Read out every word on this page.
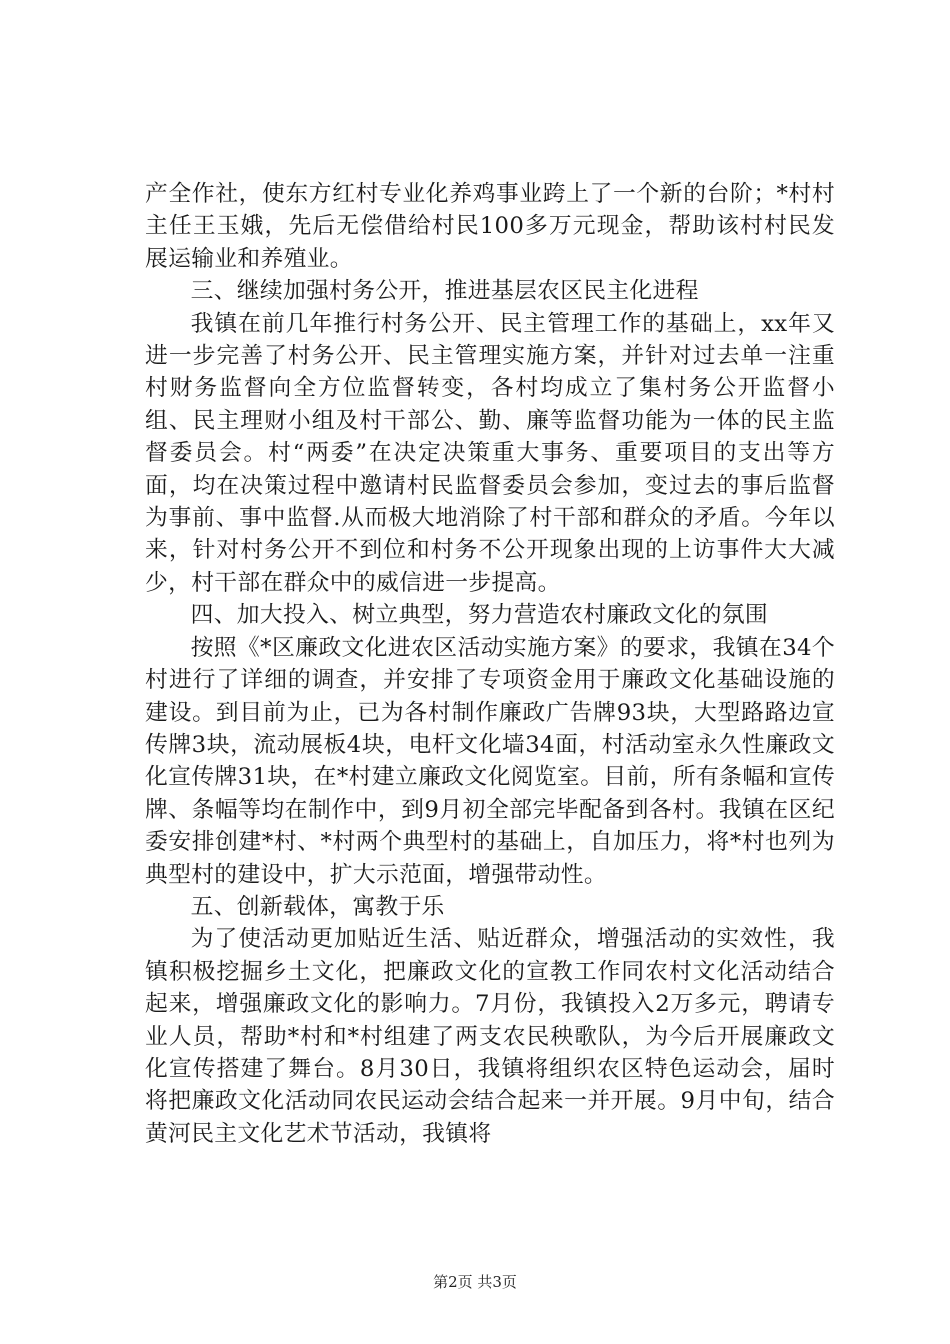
产全作社，使东方红村专业化养鸡事业跨上了一个新的台阶；*村村主任王玉娥，先后无偿借给村民100多万元现金，帮助该村村民发展运输业和养殖业。

三、继续加强村务公开，推进基层农区民主化进程

我镇在前几年推行村务公开、民主管理工作的基础上，xx年又进一步完善了村务公开、民主管理实施方案，并针对过去单一注重村财务监督向全方位监督转变，各村均成立了集村务公开监督小组、民主理财小组及村干部公、勤、廉等监督功能为一体的民主监督委员会。村“两委”在决定决策重大事务、重要项目的支出等方面，均在决策过程中邀请村民监督委员会参加，变过去的事后监督为事前、事中监督.从而极大地消除了村干部和群众的矛盾。今年以来，针对村务公开不到位和村务不公开现象出现的上访事件大大减少，村干部在群众中的威信进一步提高。

四、加大投入、树立典型，努力营造农村廉政文化的氛围

按照《*区廉政文化进农区活动实施方案》的要求，我镇在34个村进行了详细的调查，并安排了专项资金用于廉政文化基础设施的建设。到目前为止，已为各村制作廉政广告牌93块，大型路路边宣传牌3块，流动展板4块，电杆文化墙34面，村活动室永久性廉政文化宣传牌31块，在*村建立廉政文化阅览室。目前，所有条幅和宣传牌、条幅等均在制作中，到9月初全部完毕配备到各村。我镇在区纪委安排创建*村、*村两个典型村的基础上，自加压力，将*村也列为典型村的建设中，扩大示范面，增强带动性。

五、创新载体，寓教于乐

为了使活动更加贴近生活、贴近群众，增强活动的实效性，我镇积极挖掘乡土文化，把廉政文化的宣教工作同农村文化活动结合起来，增强廉政文化的影响力。7月份，我镇投入2万多元，聘请专业人员，帮助*村和*村组建了两支农民秧歌队，为今后开展廉政文化宣传搭建了舞台。8月30日，我镇将组织农区特色运动会，届时将把廉政文化活动同农民运动会结合起来一并开展。9月中旬，结合黄河民主文化艺术节活动，我镇将

第2页 共3页
